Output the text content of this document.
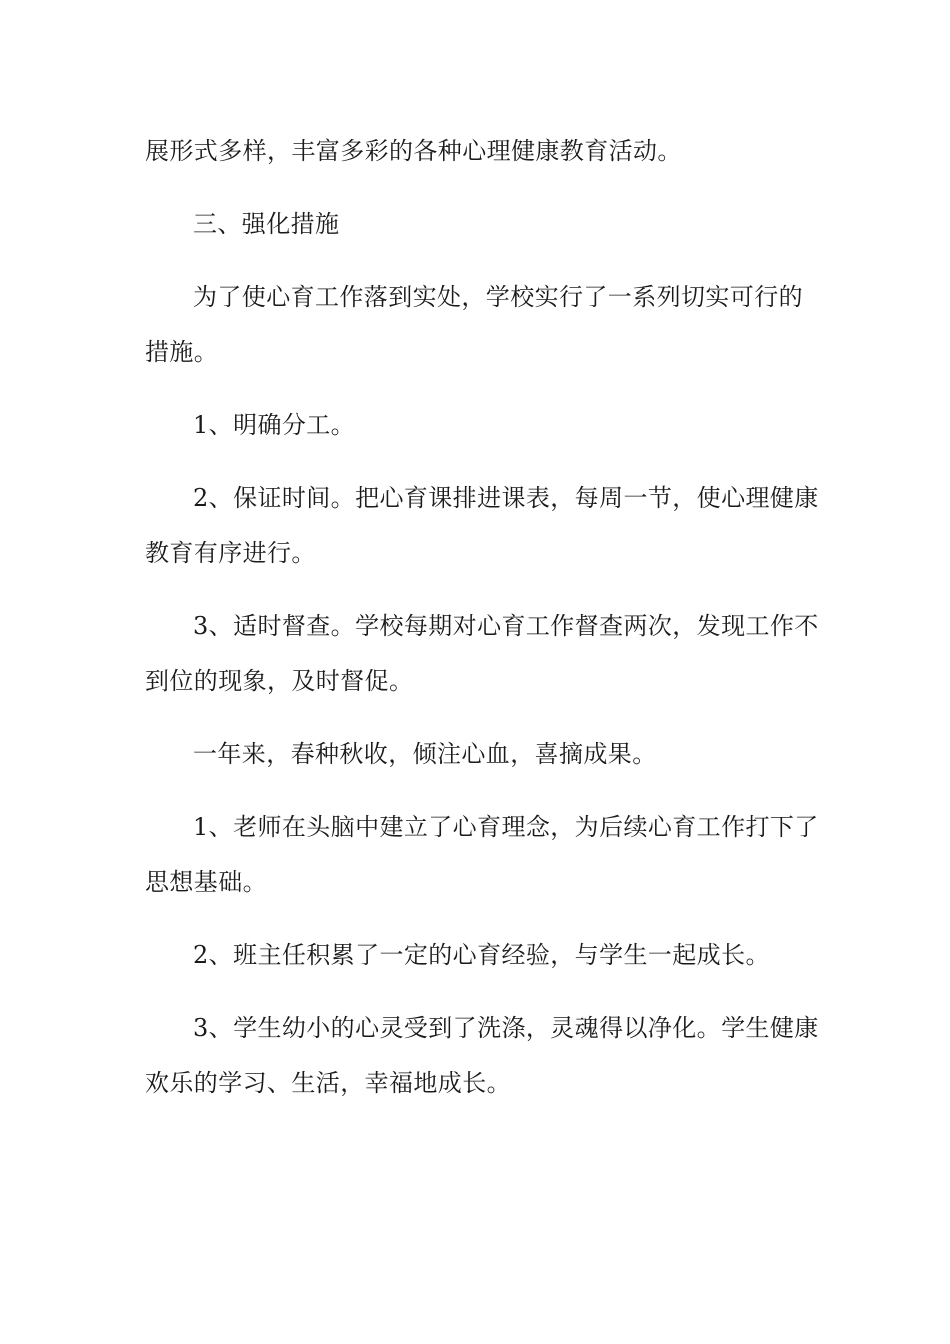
展形式多样，丰富多彩的各种心理健康教育活动。

三、强化措施

为了使心育工作落到实处，学校实行了一系列切实可行的
措施。

1、明确分工。

2、保证时间。把心育课排进课表，每周一节，使心理健康
教育有序进行。

3、适时督查。学校每期对心育工作督查两次，发现工作不
到位的现象，及时督促。

一年来，春种秋收，倾注心血，喜摘成果。

1、老师在头脑中建立了心育理念，为后续心育工作打下了
思想基础。

2、班主任积累了一定的心育经验，与学生一起成长。

3、学生幼小的心灵受到了洗涤，灵魂得以净化。学生健康
欢乐的学习、生活，幸福地成长。
